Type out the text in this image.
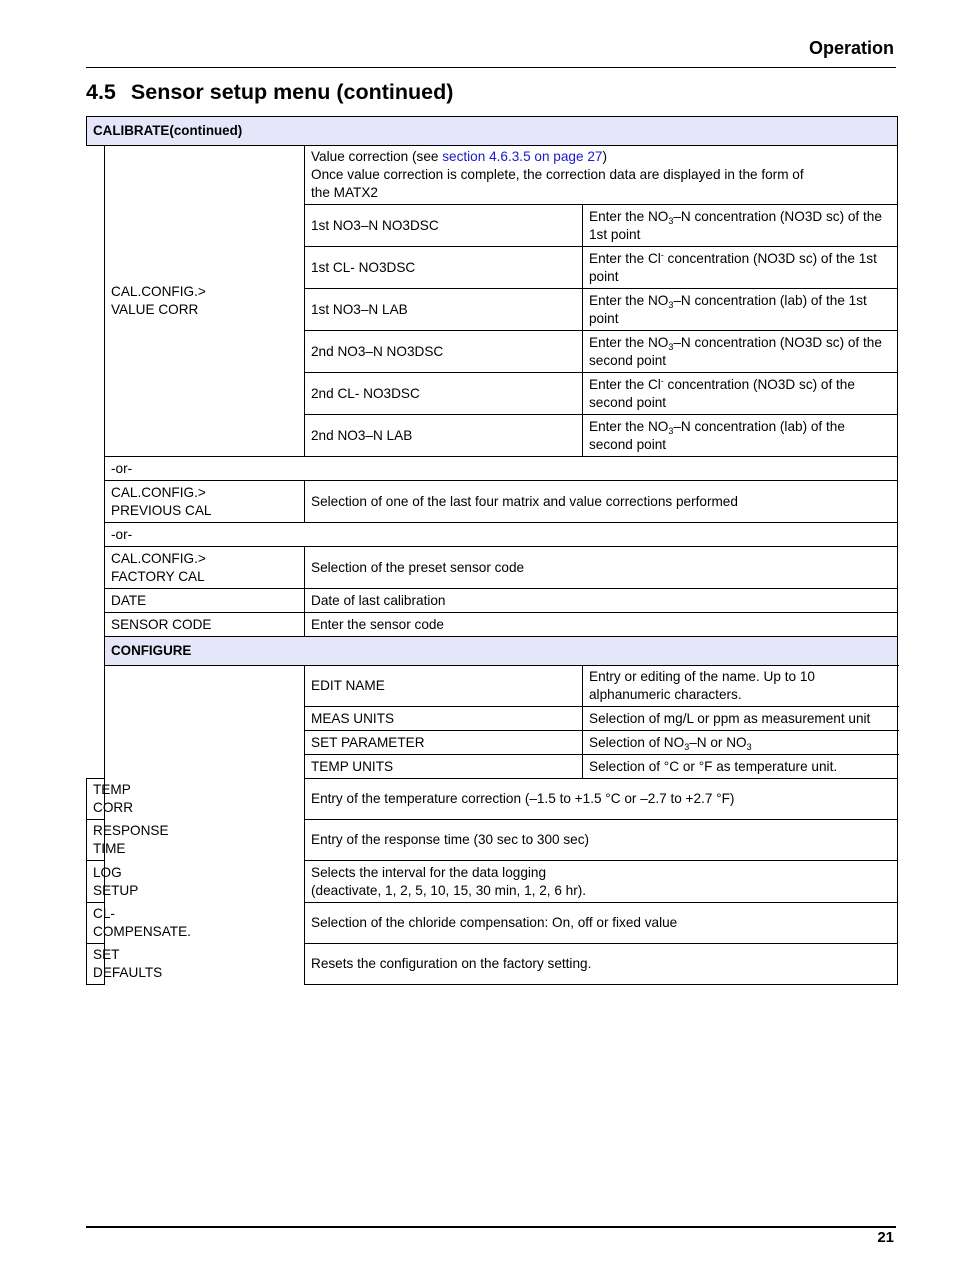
Operation
4.5 Sensor setup menu (continued)
CALIBRATE(continued)			

	CAL.CONFIG.>
VALUE CORR	Value correction (see section 4.6.3.5 on page 27)
Once value correction is complete, the correction data are displayed in the form of
the MATX2	

		1st NO3–N NO3DSC	Enter the $NO_3-N$ concentration (NO3D sc) of the 1st point
		1st CL- NO3DSC	Enter the Cl- concentration (NO3D sc) of the 1st point
		1st NO3–N LAB	Enter the $NO_3-N$ concentration (lab) of the 1st point
		2nd NO3–N NO3DSC	Enter the $NO_3-N$ concentration (NO3D sc) of the second point
		2nd CL- NO3DSC	Enter the Cl- concentration (NO3D sc) of the second point
		2nd NO3–N LAB	Enter the $NO_3-N$ concentration (lab) of the second point
	-or-		

	CAL.CONFIG.>
PREVIOUS CAL	Selection of one of the last four matrix and value corrections performed	
	-or-		

	CAL.CONFIG.>
FACTORY CAL	Selection of the preset sensor code	
	DATE	Date of last calibration	
	SENSOR CODE	Enter the sensor code	
	CONFIGURE		
		EDIT NAME	Entry or editing of the name. Up to 10 alphanumeric characters.
		MEAS UNITS	Selection of mg/L or ppm as measurement unit
		SET PARAMETER	Selection of $NO_3-N$ or $NO_3$
		TEMP UNITS	Selection of °C or °F as temperature unit.
TEMP CORR		Entry of the temperature correction (–1.5 to +1.5 °C or –2.7 to +2.7 °F)	
RESPONSE TIME		Entry of the response time (30 sec to 300 sec)	
LOG SETUP		Selects the interval for the data logging
(deactivate, 1, 2, 5, 10, 15, 30 min, 1, 2, 6 hr).	

CL- COMPENSATE.		Selection of the chloride compensation: On, off or fixed value	
SET DEFAULTS		Resets the configuration on the factory setting.	
21
